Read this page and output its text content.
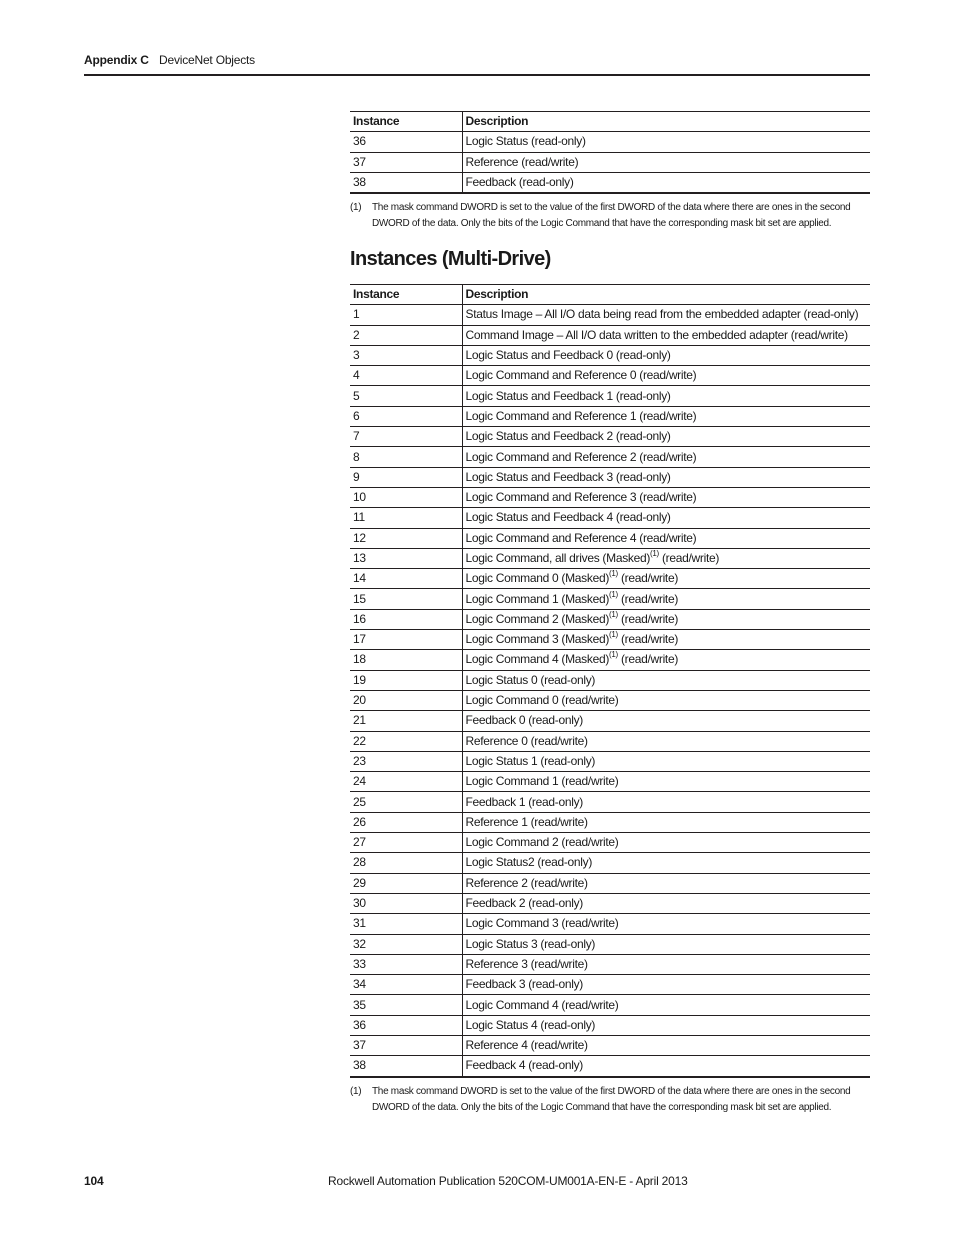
Appendix C DeviceNet Objects
Instance	Description
36	Logic Status (read-only)
37	Reference (read/write)
38	Feedback (read-only)
(1) The mask command DWORD is set to the value of the first DWORD of the data where there are ones in the second DWORD of the data. Only the bits of the Logic Command that have the corresponding mask bit set are applied.
Instances (Multi-Drive)
Instance	Description
1	Status Image – All I/O data being read from the embedded adapter (read-only)
2	Command Image – All I/O data written to the embedded adapter (read/write)
3	Logic Status and Feedback 0 (read-only)
4	Logic Command and Reference 0 (read/write)
5	Logic Status and Feedback 1 (read-only)
6	Logic Command and Reference 1 (read/write)
7	Logic Status and Feedback 2 (read-only)
8	Logic Command and Reference 2 (read/write)
9	Logic Status and Feedback 3 (read-only)
10	Logic Command and Reference 3 (read/write)
11	Logic Status and Feedback 4 (read-only)
12	Logic Command and Reference 4 (read/write)
13	Logic Command, all drives (Masked)$^{(1)}$ (read/write)
14	Logic Command 0 (Masked)$^{(1)}$ (read/write)
15	Logic Command 1 (Masked)$^{(1)}$ (read/write)
16	Logic Command 2 (Masked)$^{(1)}$ (read/write)
17	Logic Command 3 (Masked)$^{(1)}$ (read/write)
18	Logic Command 4 (Masked)$^{(1)}$ (read/write)
19	Logic Status 0 (read-only)
20	Logic Command 0 (read/write)
21	Feedback 0 (read-only)
22	Reference 0 (read/write)
23	Logic Status 1 (read-only)
24	Logic Command 1 (read/write)
25	Feedback 1 (read-only)
26	Reference 1 (read/write)
27	Logic Command 2 (read/write)
28	Logic Status2 (read-only)
29	Reference 2 (read/write)
30	Feedback 2 (read-only)
31	Logic Command 3 (read/write)
32	Logic Status 3 (read-only)
33	Reference 3 (read/write)
34	Feedback 3 (read-only)
35	Logic Command 4 (read/write)
36	Logic Status 4 (read-only)
37	Reference 4 (read/write)
38	Feedback 4 (read-only)
(1) The mask command DWORD is set to the value of the first DWORD of the data where there are ones in the second DWORD of the data. Only the bits of the Logic Command that have the corresponding mask bit set are applied.
104	Rockwell Automation Publication 520COM-UM001A-EN-E - April 2013
